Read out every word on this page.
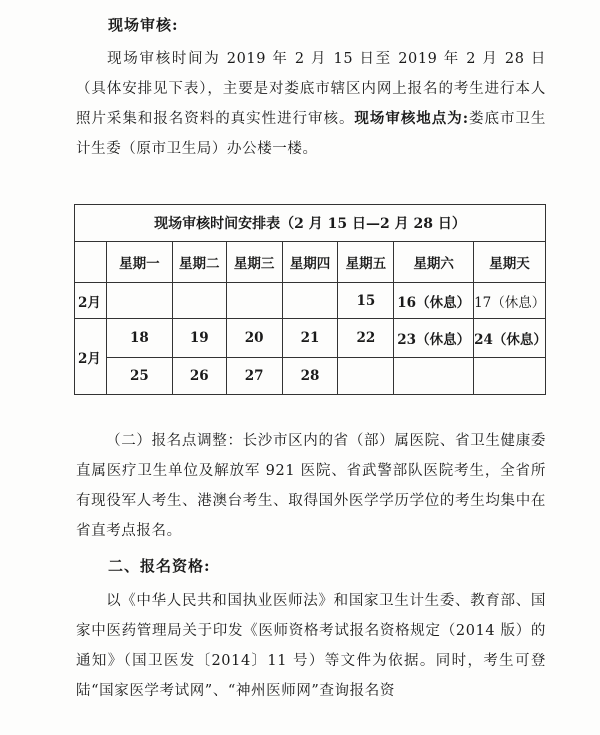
现场审核:

现场审核时间为 2019 年 2 月 15 日至 2019 年 2 月 28 日（具体安排见下表），主要是对娄底市辖区内网上报名的考生进行本人照片采集和报名资料的真实性进行审核。现场审核地点为:娄底市卫生计生委（原市卫生局）办公楼一楼。

现场审核时间安排表（2 月 15 日—2 月 28 日）							
	星期一	星期二	星期三	星期四	星期五	星期六	星期天
2月					15	16（休息）	17（休息）
2月	18	19	20	21	22	23（休息）	24（休息）
	25	26	27	28			

（二）报名点调整：长沙市区内的省（部）属医院、省卫生健康委直属医疗卫生单位及解放军 921 医院、省武警部队医院考生，全省所有现役军人考生、港澳台考生、取得国外医学学历学位的考生均集中在省直考点报名。

二、报名资格:

以《中华人民共和国执业医师法》和国家卫生计生委、教育部、国家中医药管理局关于印发《医师资格考试报名资格规定（2014 版）的通知》（国卫医发〔2014〕11 号）等文件为依据。同时，考生可登陆“国家医学考试网”、“神州医师网”查询报名资
